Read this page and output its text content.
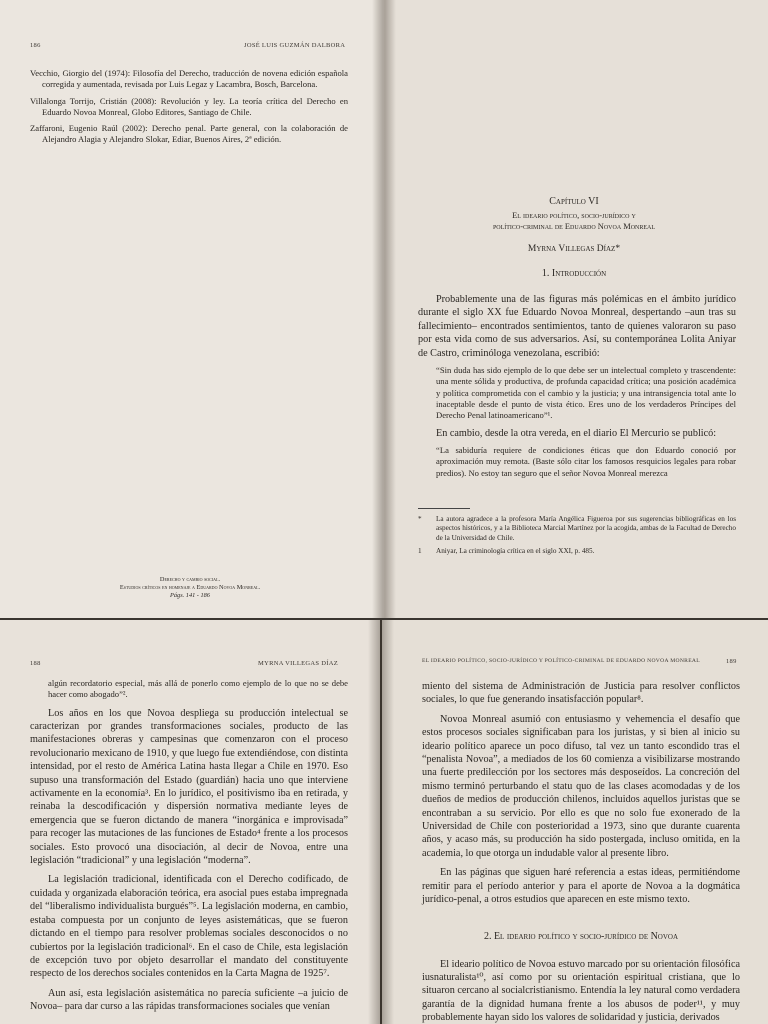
186	JOSÉ LUIS GUZMÁN DALBORA

Vecchio, Giorgio del (1974): Filosofía del Derecho, traducción de novena edición española corregida y aumentada, revisada por Luis Legaz y Lacambra, Bosch, Barcelona.

Villalonga Torrijo, Cristián (2008): Revolución y ley. La teoría crítica del Derecho en Eduardo Novoa Monreal, Globo Editores, Santiago de Chile.

Zaffaroni, Eugenio Raúl (2002): Derecho penal. Parte general, con la colaboración de Alejandro Alagia y Alejandro Slokar, Ediar, Buenos Aires, 2ª edición.

Derecho y cambio social.
Estudios críticos en homenaje a Eduardo Novoa Monreal.
Págs. 141 - 186
Capítulo VI
El ideario político, socio-jurídico y
político-criminal de Eduardo Novoa Monreal
Myrna Villegas Díaz*
1. Introducción

Probablemente una de las figuras más polémicas en el ámbito jurídico durante el siglo XX fue Eduardo Novoa Monreal, despertando –aun tras su fallecimiento– encontrados sentimientos, tanto de quienes valoraron su paso por esta vida como de sus adversarios. Así, su contemporánea Lolita Aniyar de Castro, criminóloga venezolana, escribió:

“Sin duda has sido ejemplo de lo que debe ser un intelectual completo y trascendente: una mente sólida y productiva, de profunda capacidad crítica; una posición académica y política comprometida con el cambio y la justicia; y una intransigencia total ante lo inaceptable desde el punto de vista ético. Eres uno de los verdaderos Príncipes del Derecho Penal latinoamericano”¹.

En cambio, desde la otra vereda, en el diario El Mercurio se publicó:

“La sabiduría requiere de condiciones éticas que don Eduardo conoció por aproximación muy remota. (Baste sólo citar los famosos resquicios legales para robar predios). No estoy tan seguro que el señor Novoa Monreal merezca

*	La autora agradece a la profesora María Angélica Figueroa por sus sugerencias bibliográficas en los aspectos históricos, y a la Biblioteca Marcial Martínez por la acogida, ambas de la Facultad de Derecho de la Universidad de Chile.
1	Aniyar, La criminología crítica en el siglo XXI, p. 485.
188	MYRNA VILLEGAS DÍAZ

algún recordatorio especial, más allá de ponerlo como ejemplo de lo que no se debe hacer como abogado”².

Los años en los que Novoa despliega su producción intelectual se caracterizan por grandes transformaciones sociales, producto de las manifestaciones obreras y campesinas que comenzaron con el proceso revolucionario mexicano de 1910, y que luego fue extendiéndose, con distinta intensidad, por el resto de América Latina hasta llegar a Chile en 1970. Eso supuso una transformación del Estado (guardián) hacia uno que interviene activamente en la economía³. En lo jurídico, el positivismo iba en retirada, y reinaba la descodificación y dispersión normativa mediante leyes de emergencia que se fueron dictando de manera “inorgánica e improvisada” para recoger las mutaciones de las funciones de Estado⁴ frente a los procesos sociales. Esto provocó una disociación, al decir de Novoa, entre una legislación “tradicional” y una legislación “moderna”.

La legislación tradicional, identificada con el Derecho codificado, de cuidada y organizada elaboración teórica, era asocial pues estaba impregnada del “liberalismo individualista burgués”⁵. La legislación moderna, en cambio, estaba compuesta por un conjunto de leyes asistemáticas, que se fueron dictando en el tiempo para resolver problemas sociales desconocidos o no cubiertos por la legislación tradicional⁶. En el caso de Chile, esta legislación de excepción tuvo por objeto desarrollar el mandato del constituyente respecto de los derechos sociales contenidos en la Carta Magna de 1925⁷.

Aun así, esta legislación asistemática no parecía suficiente –a juicio de Novoa– para dar curso a las rápidas transformaciones sociales que venían

EL IDEARIO POLÍTICO, SOCIO-JURÍDICO Y POLÍTICO-CRIMINAL DE EDUARDO NOVOA MONREAL	189

miento del sistema de Administración de Justicia para resolver conflictos sociales, lo que fue generando insatisfacción popular⁸.

Novoa Monreal asumió con entusiasmo y vehemencia el desafío que estos procesos sociales significaban para los juristas, y si bien al inicio su ideario político aparece un poco difuso, tal vez un tanto escondido tras el “penalista Novoa”, a mediados de los 60 comienza a visibilizarse mostrando una fuerte predilección por los sectores más desposeídos. La concreción del mismo terminó perturbando el statu quo de las clases acomodadas y de los dueños de medios de producción chilenos, incluidos aquellos juristas que se encontraban a su servicio. Por ello es que no solo fue exonerado de la Universidad de Chile con posterioridad a 1973, sino que durante cuarenta años, y acaso más, su producción ha sido postergada, incluso omitida, en la academia, lo que otorga un indudable valor al presente libro.

En las páginas que siguen haré referencia a estas ideas, permitiéndome remitir para el período anterior y para el aporte de Novoa a la dogmática jurídico-penal, a otros estudios que aparecen en este mismo texto.

2. El ideario político y socio-jurídico de Novoa

El ideario político de Novoa estuvo marcado por su orientación filosófica iusnaturalista¹⁰, así como por su orientación espiritual cristiana, que lo situaron cercano al socialcristianismo. Entendía la ley natural como verdadera garantía de la dignidad humana frente a los abusos de poder¹¹, y muy probablemente hayan sido los valores de solidaridad y justicia, derivados
